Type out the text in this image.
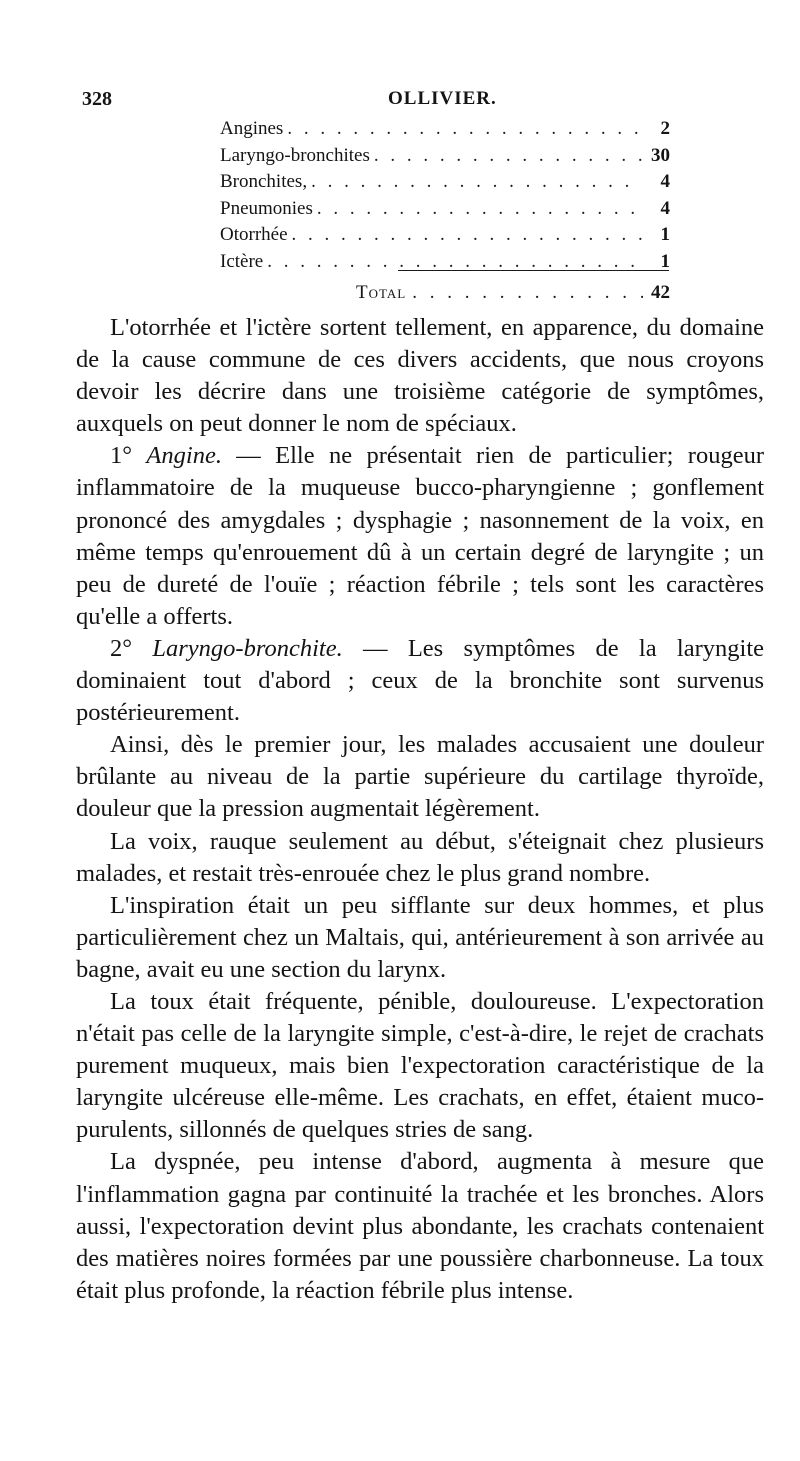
328	OLLIVIER.
Angines . . .	2
Laryngo-bronchites . . .	30
Bronchites, . . .	4
Pneumonies . . .	4
Otorrhée . . .	1
Ictère . . .	1
Total . . .	42

L'otorrhée et l'ictère sortent tellement, en apparence, du domaine de la cause commune de ces divers accidents, que nous croyons devoir les décrire dans une troisième catégorie de symptômes, auxquels on peut donner le nom de spéciaux.

1° Angine. — Elle ne présentait rien de particulier; rougeur inflammatoire de la muqueuse bucco-pharyngienne ; gonflement prononcé des amygdales ; dysphagie ; nasonnement de la voix, en même temps qu'enrouement dû à un certain degré de laryngite ; un peu de dureté de l'ouïe ; réaction fébrile ; tels sont les caractères qu'elle a offerts.

2° Laryngo-bronchite. — Les symptômes de la laryngite dominaient tout d'abord ; ceux de la bronchite sont survenus postérieurement.

Ainsi, dès le premier jour, les malades accusaient une douleur brûlante au niveau de la partie supérieure du cartilage thyroïde, douleur que la pression augmentait légèrement.

La voix, rauque seulement au début, s'éteignait chez plusieurs malades, et restait très-enrouée chez le plus grand nombre.

L'inspiration était un peu sifflante sur deux hommes, et plus particulièrement chez un Maltais, qui, antérieurement à son arrivée au bagne, avait eu une section du larynx.

La toux était fréquente, pénible, douloureuse. L'expectoration n'était pas celle de la laryngite simple, c'est-à-dire, le rejet de crachats purement muqueux, mais bien l'expectoration caractéristique de la laryngite ulcéreuse elle-même. Les crachats, en effet, étaient muco-purulents, sillonnés de quelques stries de sang.

La dyspnée, peu intense d'abord, augmenta à mesure que l'inflammation gagna par continuité la trachée et les bronches. Alors aussi, l'expectoration devint plus abondante, les crachats contenaient des matières noires formées par une poussière charbonneuse. La toux était plus profonde, la réaction fébrile plus intense.
